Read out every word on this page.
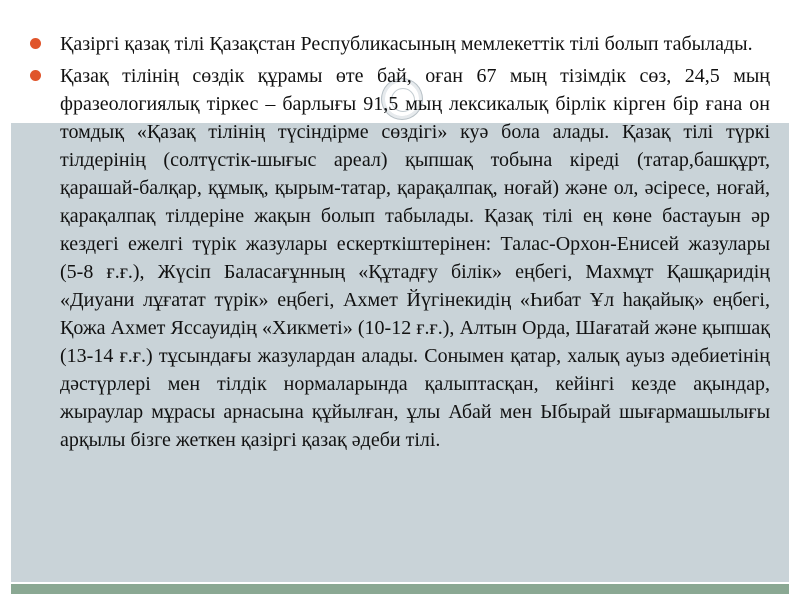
Қазіргі қазақ тілі Қазақстан Республикасының мемлекеттік тілі болып табылады.
Қазақ тілінің сөздік құрамы өте бай, оған 67 мың тізімдік сөз, 24,5 мың фразеологиялық тіркес – барлығы 91,5 мың лексикалық бірлік кірген бір ғана он томдық «Қазақ тілінің түсіндірме сөздігі» куә бола алады. Қазақ тілі түркі тілдерінің (солтүстік-шығыс ареал) қыпшақ тобына кіреді (татар,башқұрт, қарашай-балқар, құмық, қырым-татар, қарақалпақ, ноғай) және ол, әсіресе, ноғай, қарақалпақ тілдеріне жақын болып табылады. Қазақ тілі ең көне бастауын әр кездегі ежелгі түрік жазулары ескерткіштерінен: Талас-Орхон-Енисей жазулары (5-8 ғ.ғ.), Жүсіп Баласағұнның «Құтадғу білік» еңбегі, Махмұт Қашқаридің «Диуани лұғатат түрік» еңбегі, Ахмет Йүгінекидің «Һибат Ұл һақайық» еңбегі, Қожа Ахмет Яссауидің «Хикметі» (10-12 ғ.ғ.), Алтын Орда, Шағатай және қыпшақ (13-14 ғ.ғ.) тұсындағы жазулардан алады. Сонымен қатар, халық ауыз әдебиетінің дәстүрлері мен тілдік нормаларында қалыптасқан, кейінгі кезде ақындар, жыраулар мұрасы арнасына құйылған, ұлы Абай мен Ыбырай шығармашылығы арқылы бізге жеткен қазіргі қазақ әдеби тілі.
